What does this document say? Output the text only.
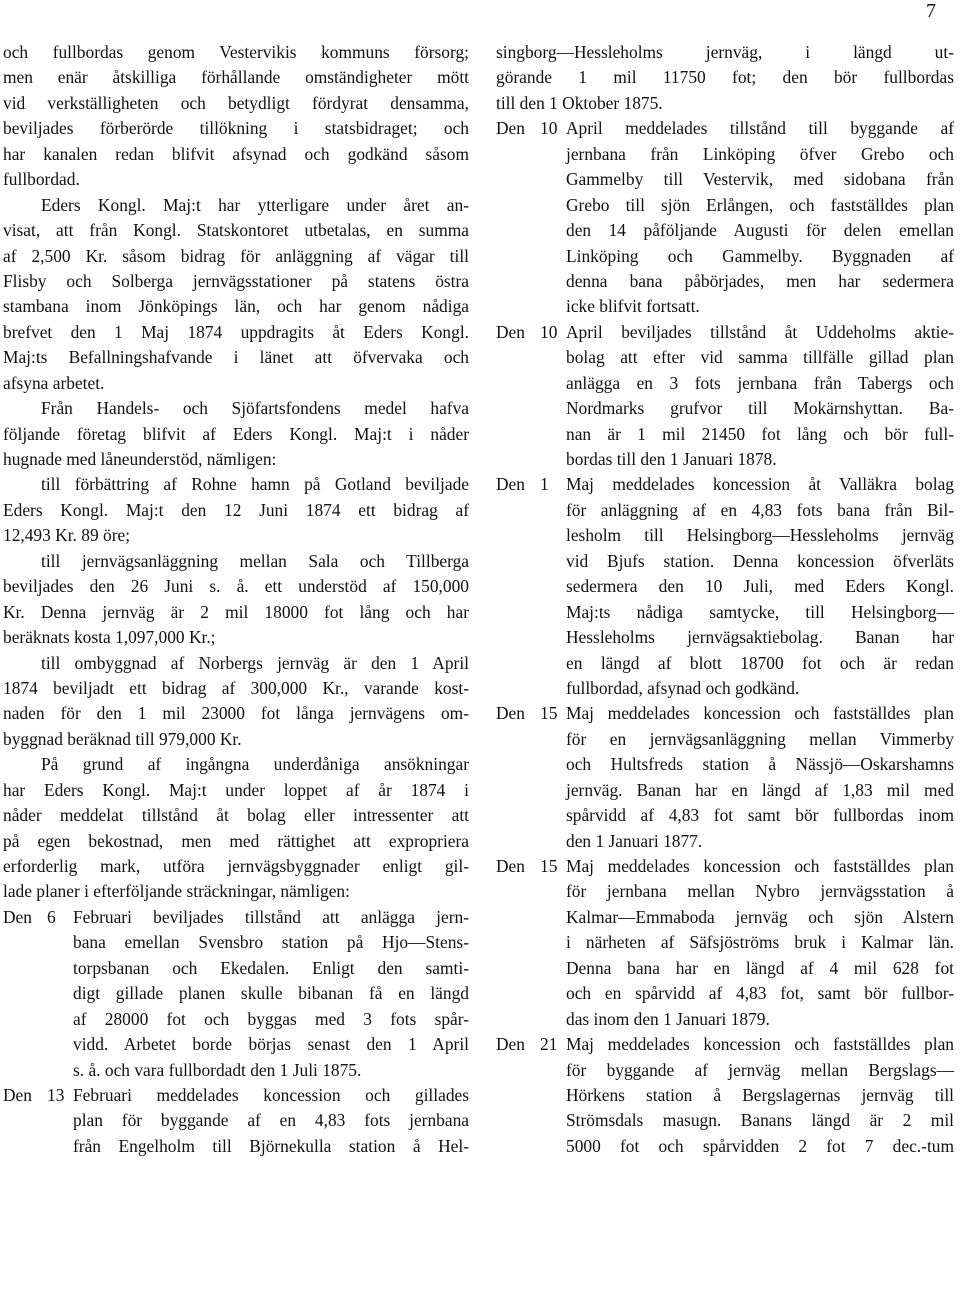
7
och fullbordas genom Vestervikis kommuns försorg;
men enär åtskilliga förhållande omständigheter mött
vid verkställigheten och betydligt fördyrat densamma,
beviljades förberörde tillökning i statsbidraget; och
har kanalen redan blifvit afsynad och godkänd såsom
fullbordad.
Eders Kongl. Maj:t har ytterligare under året an-
visat, att från Kongl. Statskontoret utbetalas, en summa
af 2,500 Kr. såsom bidrag för anläggning af vägar till
Flisby och Solberga jernvägsstationer på statens östra
stambana inom Jönköpings län, och har genom nådiga
brefvet den 1 Maj 1874 uppdragits åt Eders Kongl.
Maj:ts Befallningshafvande i länet att öfvervaka och
afsyna arbetet.
Från Handels- och Sjöfartsfondens medel hafva
följande företag blifvit af Eders Kongl. Maj:t i nåder
hugnade med låneunderstöd, nämligen:
till förbättring af Rohne hamn på Gotland beviljade
Eders Kongl. Maj:t den 12 Juni 1874 ett bidrag af
12,493 Kr. 89 öre;
till jernvägsanläggning mellan Sala och Tillberga
beviljades den 26 Juni s. å. ett understöd af 150,000
Kr. Denna jernväg är 2 mil 18000 fot lång och har
beräknats kosta 1,097,000 Kr.;
till ombyggnad af Norbergs jernväg är den 1 April
1874 beviljadt ett bidrag af 300,000 Kr., varande kost-
naden för den 1 mil 23000 fot långa jernvägens om-
byggnad beräknad till 979,000 Kr.
På grund af ingångna underdåniga ansökningar
har Eders Kongl. Maj:t under loppet af år 1874 i
nåder meddelat tillstånd åt bolag eller intressenter att
på egen bekostnad, men med rättighet att expropriera
erforderlig mark, utföra jernvägsbyggnader enligt gil-
lade planer i efterföljande sträckningar, nämligen:
Den 6 Februari beviljades tillstånd att anlägga jern-
bana emellan Svensbro station på Hjo—Stens-
torpsbanan och Ekedalen. Enligt den samti-
digt gillade planen skulle bibanan få en längd
af 28000 fot och byggas med 3 fots spår-
vidd. Arbetet borde börjas senast den 1 April
s. å. och vara fullbordadt den 1 Juli 1875.
Den 13 Februari meddelades koncession och gillades
plan för byggande af en 4,83 fots jernbana
från Engelholm till Björnekulla station å Hel-
singborg—Hessleholms jernväg, i längd ut-
görande 1 mil 11750 fot; den bör fullbordas
till den 1 Oktober 1875.
Den 10 April meddelades tillstånd till byggande af
jernbana från Linköping öfver Grebo och
Gammelby till Vestervik, med sidobana från
Grebo till sjön Erlången, och fastställdes plan
den 14 påföljande Augusti för delen emellan
Linköping och Gammelby. Byggnaden af
denna bana påbörjades, men har sedermera
icke blifvit fortsatt.
Den 10 April beviljades tillstånd åt Uddeholms aktie-
bolag att efter vid samma tillfälle gillad plan
anlägga en 3 fots jernbana från Tabergs och
Nordmarks grufvor till Mokärnshyttan. Ba-
nan är 1 mil 21450 fot lång och bör full-
bordas till den 1 Januari 1878.
Den 1 Maj meddelades koncession åt Valläkra bolag
för anläggning af en 4,83 fots bana från Bil-
lesholm till Helsingborg—Hessleholms jernväg
vid Bjufs station. Denna koncession öfverläts
sedermera den 10 Juli, med Eders Kongl.
Maj:ts nådiga samtycke, till Helsingborg—
Hessleholms jernvägsaktiebolag. Banan har
en längd af blott 18700 fot och är redan
fullbordad, afsynad och godkänd.
Den 15 Maj meddelades koncession och fastställdes plan
för en jernvägsanläggning mellan Vimmerby
och Hultsfreds station å Nässjö—Oskarshamns
jernväg. Banan har en längd af 1,83 mil med
spårvidd af 4,83 fot samt bör fullbordas inom
den 1 Januari 1877.
Den 15 Maj meddelades koncession och fastställdes plan
för jernbana mellan Nybro jernvägsstation å
Kalmar—Emmaboda jernväg och sjön Alstern
i närheten af Säfsjöströms bruk i Kalmar län.
Denna bana har en längd af 4 mil 628 fot
och en spårvidd af 4,83 fot, samt bör fullbor-
das inom den 1 Januari 1879.
Den 21 Maj meddelades koncession och fastställdes plan
för byggande af jernväg mellan Bergslags—
Hörkens station å Bergslagernas jernväg till
Strömsdals masugn. Banans längd är 2 mil
5000 fot och spårvidden 2 fot 7 dec.-tum
